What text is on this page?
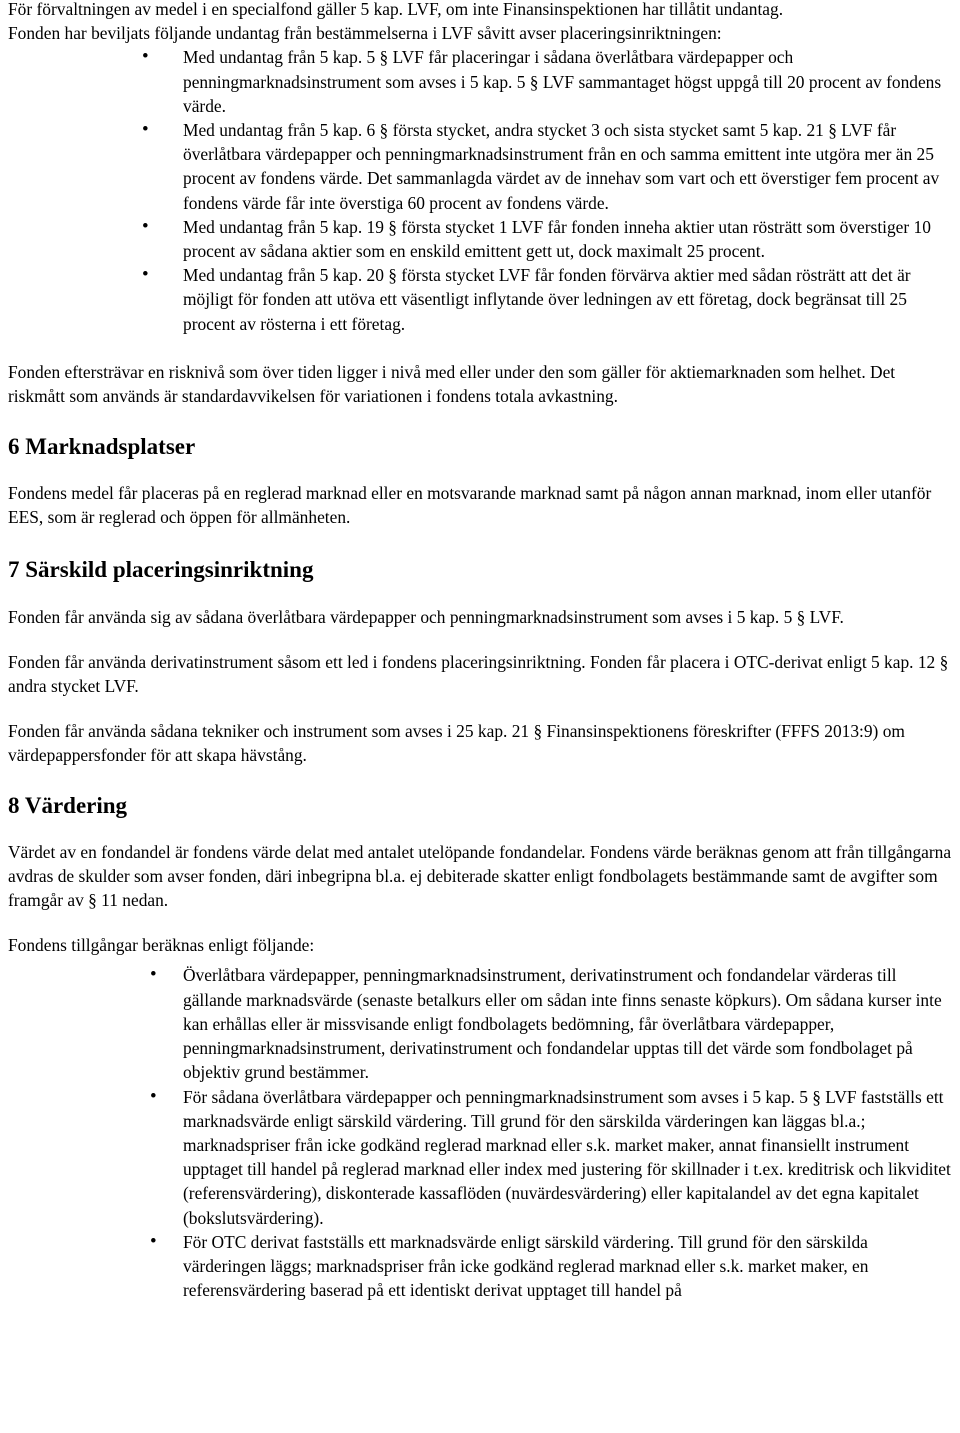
För förvaltningen av medel i en specialfond gäller 5 kap. LVF, om inte Finansinspektionen har tillåtit undantag.

Fonden har beviljats följande undantag från bestämmelserna i LVF såvitt avser placeringsinriktningen:

• Med undantag från 5 kap. 5 § LVF får placeringar i sådana överlåtbara värdepapper och penningmarknadsinstrument som avses i 5 kap. 5 § LVF sammantaget högst uppgå till 20 procent av fondens värde.
• Med undantag från 5 kap. 6 § första stycket, andra stycket 3 och sista stycket samt 5 kap. 21 § LVF får överlåtbara värdepapper och penningmarknadsinstrument från en och samma emittent inte utgöra mer än 25 procent av fondens värde. Det sammanlagda värdet av de innehav som vart och ett överstiger fem procent av fondens värde får inte överstiga 60 procent av fondens värde.
• Med undantag från 5 kap. 19 § första stycket 1 LVF får fonden inneha aktier utan rösträtt som överstiger 10 procent av sådana aktier som en enskild emittent gett ut, dock maximalt 25 procent.
• Med undantag från 5 kap. 20 § första stycket LVF får fonden förvärva aktier med sådan rösträtt att det är möjligt för fonden att utöva ett väsentligt inflytande över ledningen av ett företag, dock begränsat till 25 procent av rösterna i ett företag.

Fonden eftersträvar en risknivå som över tiden ligger i nivå med eller under den som gäller för aktiemarknaden som helhet. Det riskmått som används är standardavvikelsen för variationen i fondens totala avkastning.

6 Marknadsplatser

Fondens medel får placeras på en reglerad marknad eller en motsvarande marknad samt på någon annan marknad, inom eller utanför EES, som är reglerad och öppen för allmänheten.

7 Särskild placeringsinriktning

Fonden får använda sig av sådana överlåtbara värdepapper och penningmarknadsinstrument som avses i 5 kap. 5 § LVF.

Fonden får använda derivatinstrument såsom ett led i fondens placeringsinriktning. Fonden får placera i OTC-derivat enligt 5 kap. 12 § andra stycket LVF.

Fonden får använda sådana tekniker och instrument som avses i 25 kap. 21 § Finansinspektionens föreskrifter (FFFS 2013:9) om värdepappersfonder för att skapa hävstång.

8 Värdering

Värdet av en fondandel är fondens värde delat med antalet utelöpande fondandelar. Fondens värde beräknas genom att från tillgångarna avdras de skulder som avser fonden, däri inbegripna bl.a. ej debiterade skatter enligt fondbolagets bestämmande samt de avgifter som framgår av § 11 nedan.

Fondens tillgångar beräknas enligt följande:

• Överlåtbara värdepapper, penningmarknadsinstrument, derivatinstrument och fondandelar värderas till gällande marknadsvärde (senaste betalkurs eller om sådan inte finns senaste köpkurs). Om sådana kurser inte kan erhållas eller är missvisande enligt fondbolagets bedömning, får överlåtbara värdepapper, penningmarknadsinstrument, derivatinstrument och fondandelar upptas till det värde som fondbolaget på objektiv grund bestämmer.
• För sådana överlåtbara värdepapper och penningmarknadsinstrument som avses i 5 kap. 5 § LVF fastställs ett marknadsvärde enligt särskild värdering. Till grund för den särskilda värderingen kan läggas bl.a.; marknadspriser från icke godkänd reglerad marknad eller s.k. market maker, annat finansiellt instrument upptaget till handel på reglerad marknad eller index med justering för skillnader i t.ex. kreditrisk och likviditet (referensvärdering), diskonterade kassaflöden (nuvärdesvärdering) eller kapitalandel av det egna kapitalet (bokslutsvärdering).
• För OTC derivat fastställs ett marknadsvärde enligt särskild värdering. Till grund för den särskilda värderingen läggs; marknadspriser från icke godkänd reglerad marknad eller s.k. market maker, en referensvärdering baserad på ett identiskt derivat upptaget till handel på
